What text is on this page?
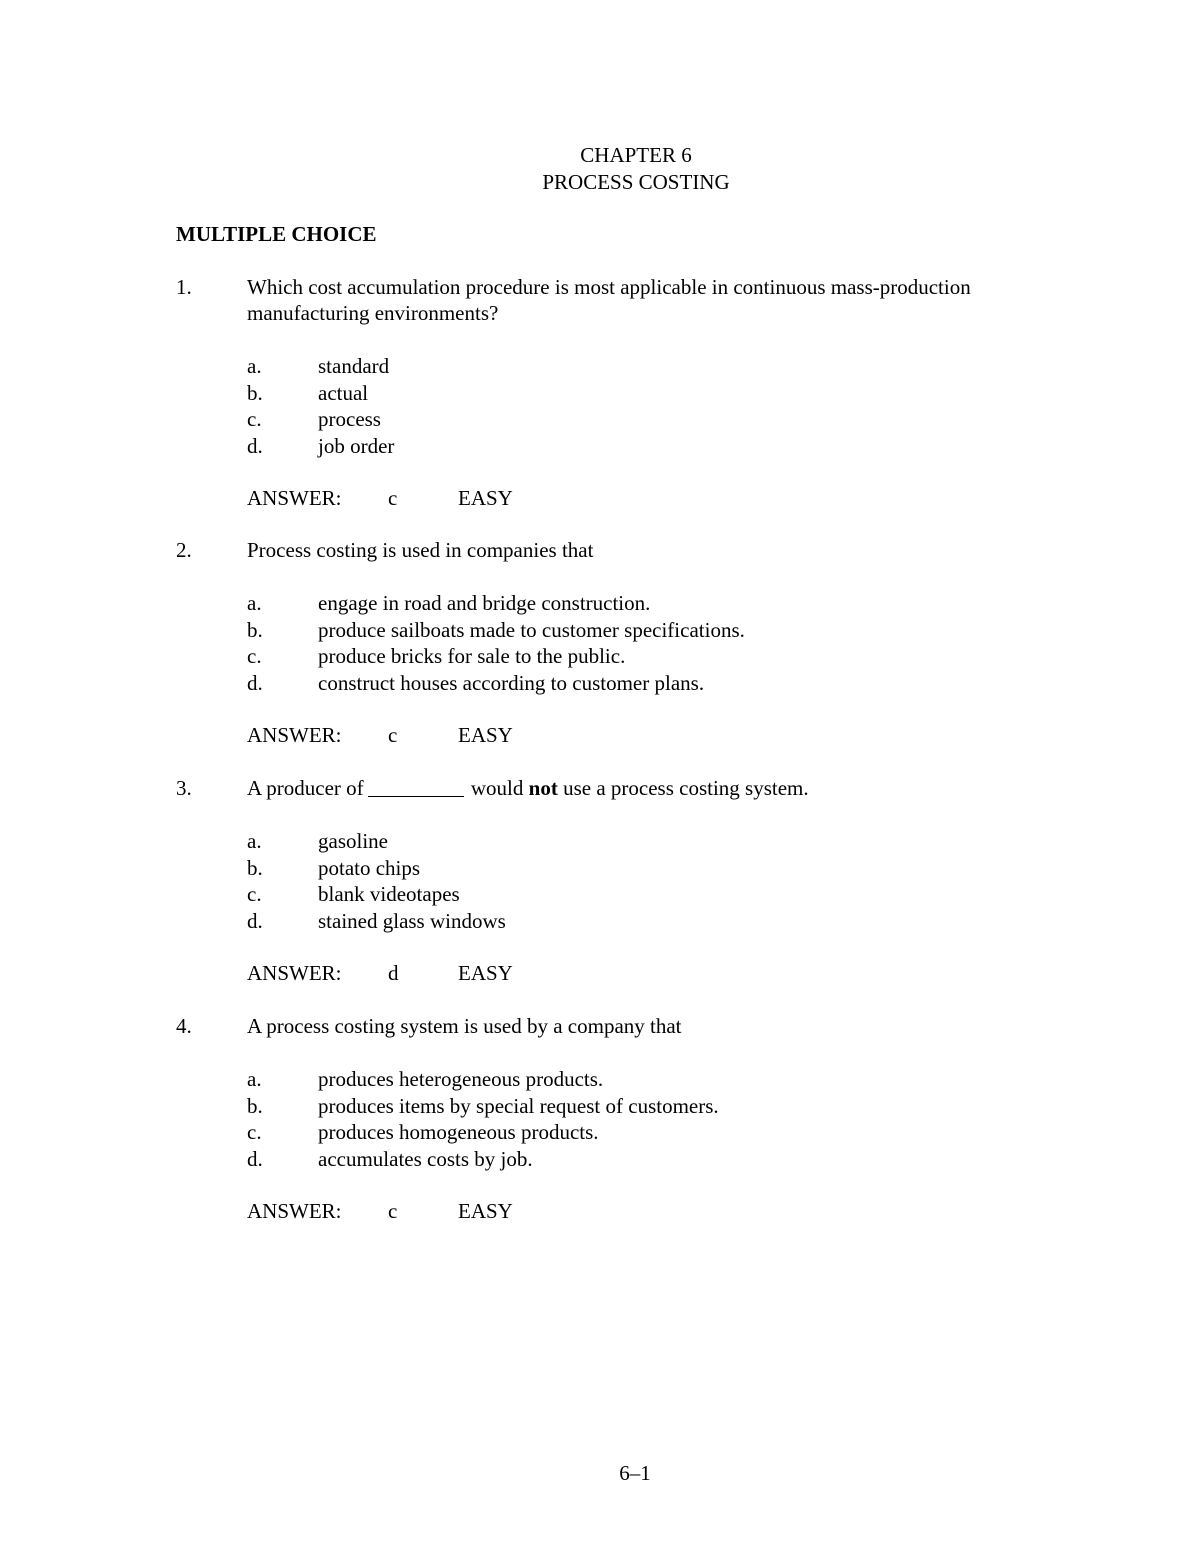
CHAPTER 6
PROCESS COSTING
MULTIPLE CHOICE
1.	Which cost accumulation procedure is most applicable in continuous mass-production
manufacturing environments?
a.	standard
b.	actual
c.	process
d.	job order
ANSWER: c	EASY
2.	Process costing is used in companies that
a.	engage in road and bridge construction.
b.	produce sailboats made to customer specifications.
c.	produce bricks for sale to the public.
d.	construct houses according to customer plans.
ANSWER: c	EASY
3.	A producer of	would not use a process costing system.
a.	gasoline
b.	potato chips
c.	blank videotapes
d.	stained glass windows
ANSWER: d	EASY
4.	A process costing system is used by a company that
a.	produces heterogeneous products.
b.	produces items by special request of customers.
c.	produces homogeneous products.
d.	accumulates costs by job.
ANSWER: c	EASY
6–1
